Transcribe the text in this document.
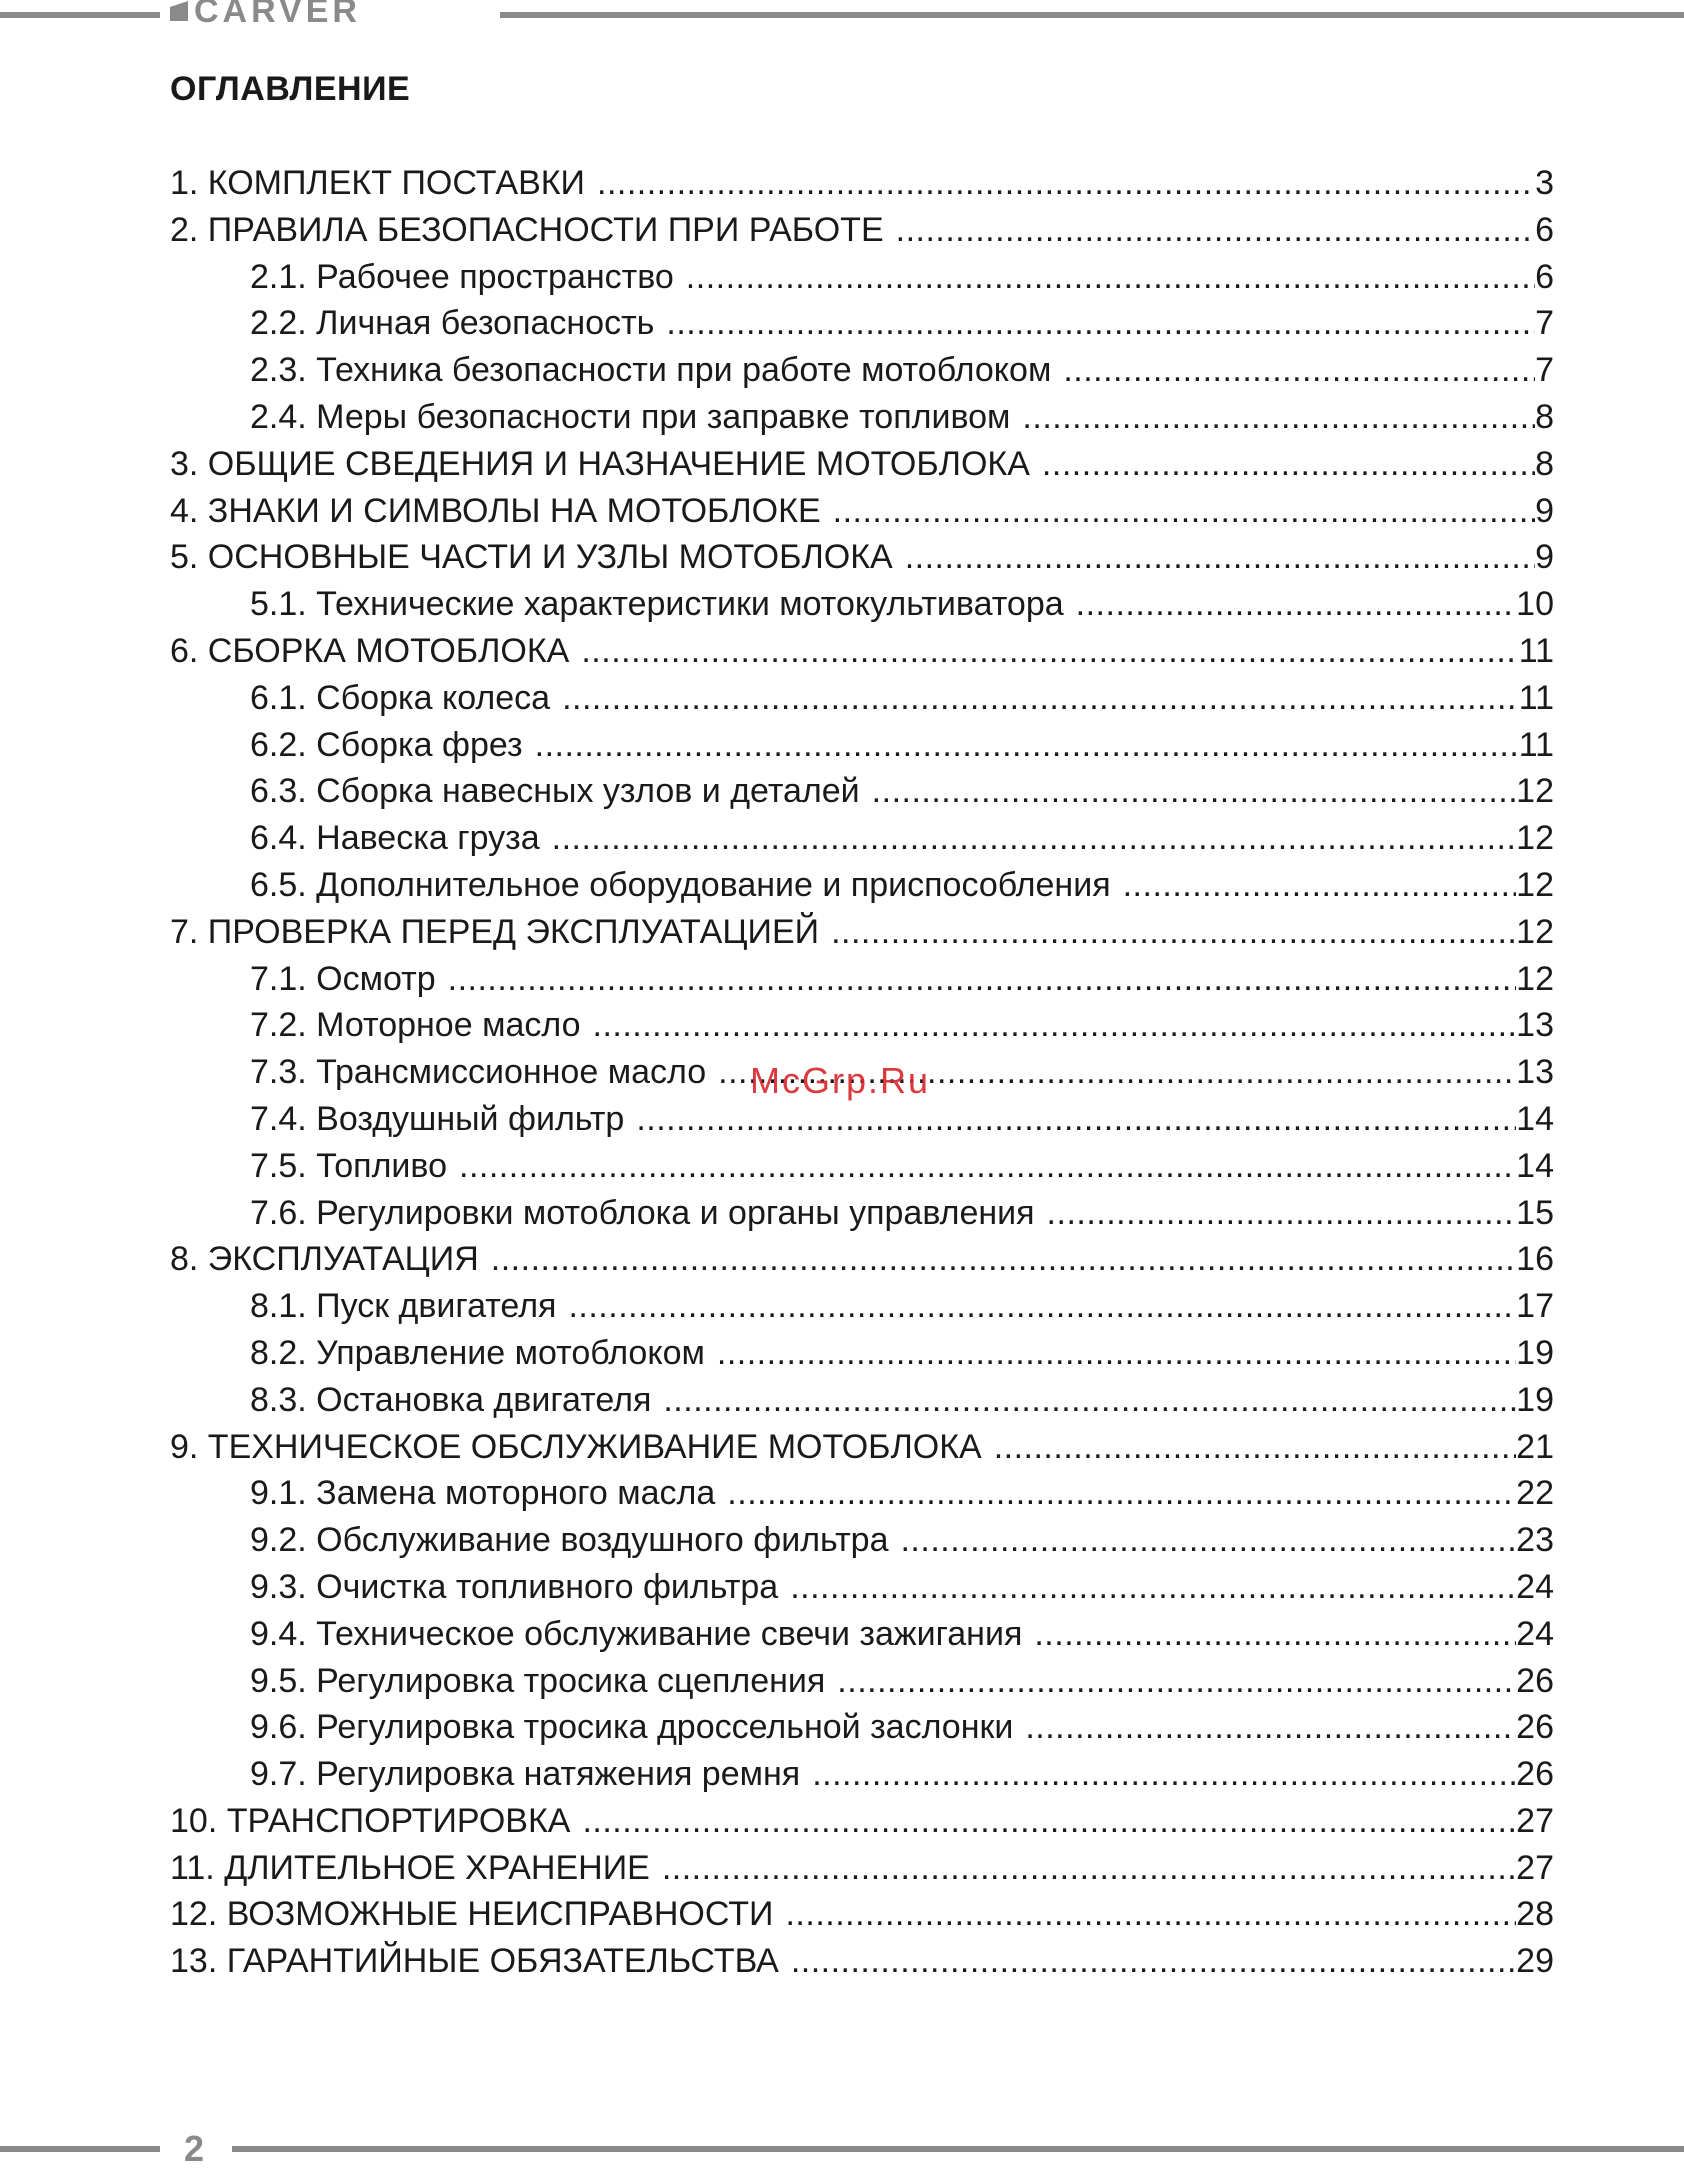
CARVER
ОГЛАВЛЕНИЕ
1. КОМПЛЕКТ ПОСТАВКИ .....	3
2. ПРАВИЛА БЕЗОПАСНОСТИ ПРИ РАБОТЕ .....	6
2.1. Рабочее пространство .....	6
2.2. Личная безопасность .....	7
2.3. Техника безопасности при работе мотоблоком .....	7
2.4. Меры безопасности при заправке топливом .....	8
3. ОБЩИЕ СВЕДЕНИЯ И НАЗНАЧЕНИЕ МОТОБЛОКА .....	8
4. ЗНАКИ И СИМВОЛЫ НА МОТОБЛОКЕ .....	9
5. ОСНОВНЫЕ ЧАСТИ И УЗЛЫ МОТОБЛОКА .....	9
5.1. Технические характеристики мотокультиватора .....	10
6. СБОРКА МОТОБЛОКА .....	11
6.1. Сборка колеса .....	11
6.2. Сборка фрез .....	11
6.3. Сборка навесных узлов и деталей .....	12
6.4. Навеска груза .....	12
6.5. Дополнительное оборудование и приспособления .....	12
7. ПРОВЕРКА ПЕРЕД ЭКСПЛУАТАЦИЕЙ .....	12
7.1. Осмотр .....	12
7.2. Моторное масло .....	13
7.3. Трансмиссионное масло .....	13
7.4. Воздушный фильтр .....	14
7.5. Топливо .....	14
7.6. Регулировки мотоблока и органы управления .....	15
8. ЭКСПЛУАТАЦИЯ .....	16
8.1. Пуск двигателя .....	17
8.2. Управление мотоблоком .....	19
8.3. Остановка двигателя .....	19
9. ТЕХНИЧЕСКОЕ ОБСЛУЖИВАНИЕ МОТОБЛОКА .....	21
9.1. Замена моторного масла .....	22
9.2. Обслуживание воздушного фильтра .....	23
9.3. Очистка топливного фильтра .....	24
9.4. Техническое обслуживание свечи зажигания .....	24
9.5. Регулировка тросика сцепления .....	26
9.6. Регулировка тросика дроссельной заслонки .....	26
9.7. Регулировка натяжения ремня .....	26
10. ТРАНСПОРТИРОВКА .....	27
11. ДЛИТЕЛЬНОЕ ХРАНЕНИЕ .....	27
12. ВОЗМОЖНЫЕ НЕИСПРАВНОСТИ .....	28
13. ГАРАНТИЙНЫЕ ОБЯЗАТЕЛЬСТВА .....	29
McGrp.Ru
2
